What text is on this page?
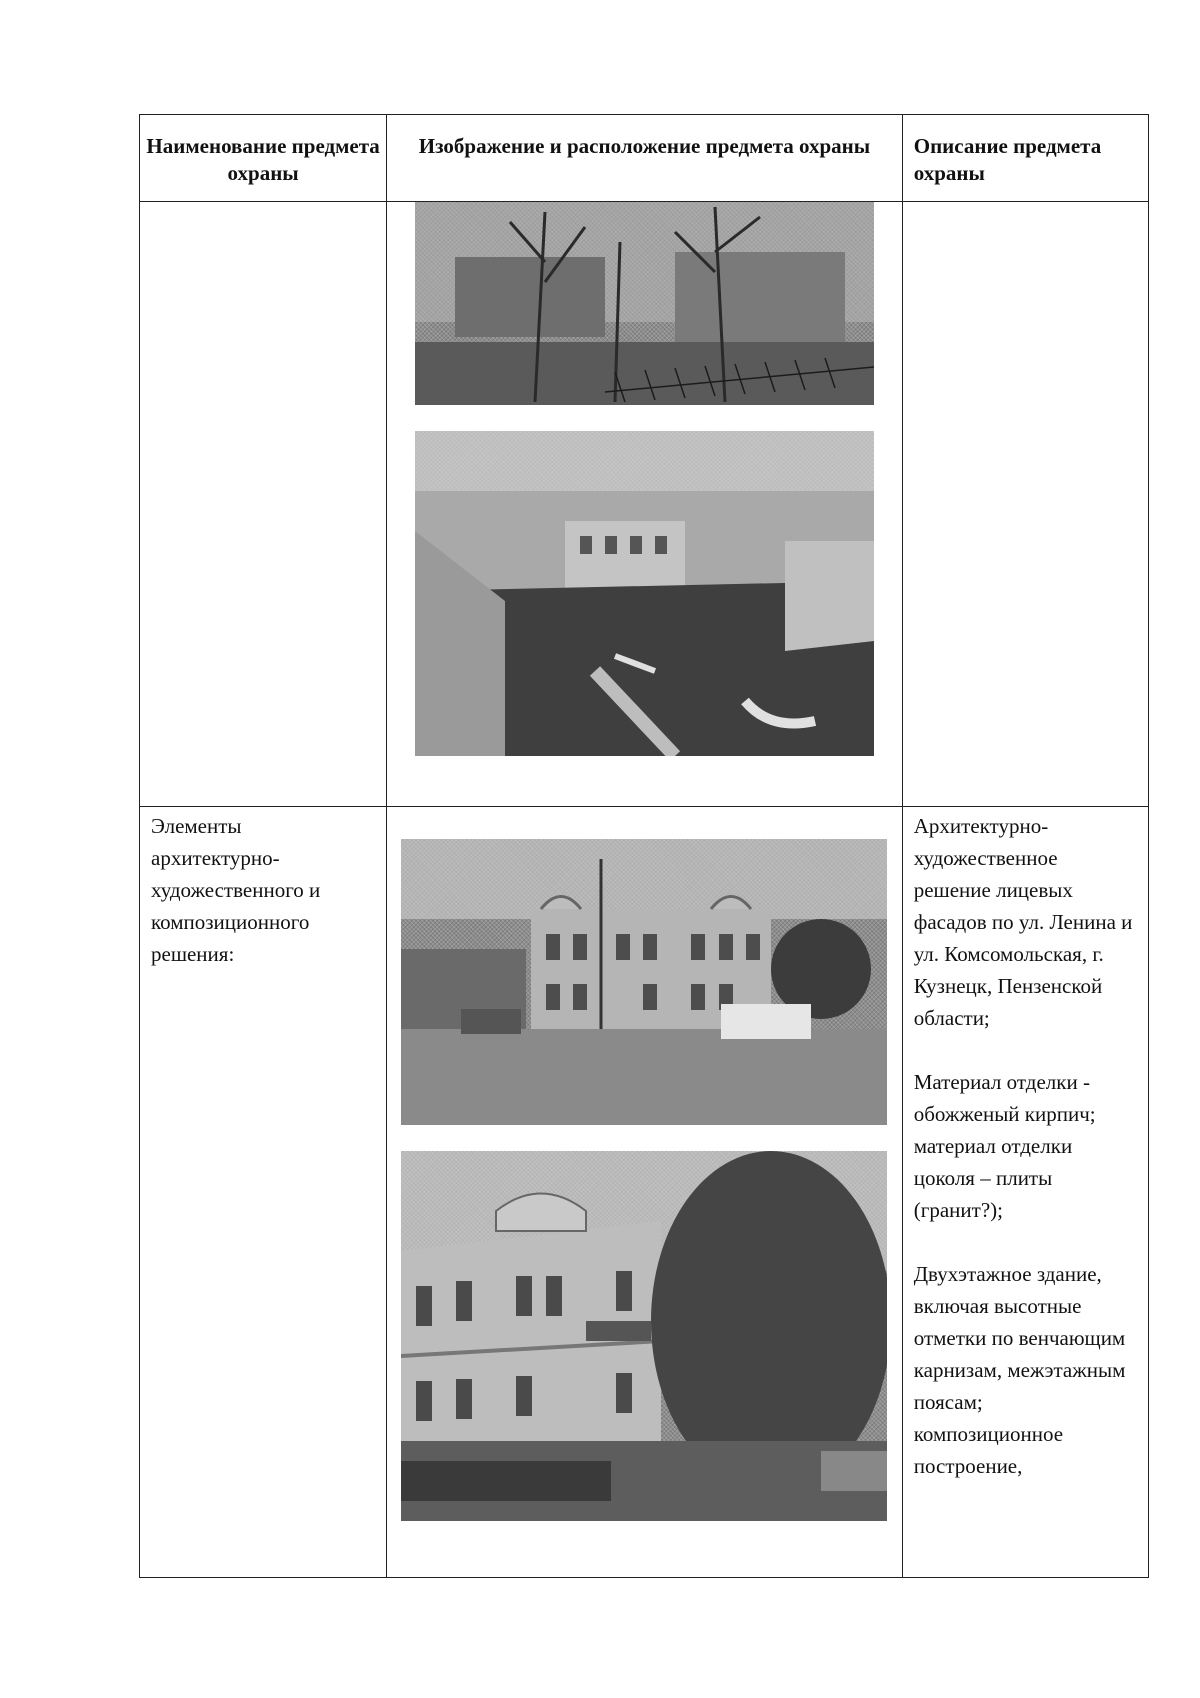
Наименование предмета охраны	Изображение и расположение предмета охраны	Описание предмета охраны

Элементы архитектурно-художественного и композиционного решения:		Архитектурно-художественное решение лицевых фасадов по ул. Ленина и ул. Комсомольская, г. Кузнецк, Пензенской области;

Материал отделки - обожженый кирпич; материал отделки цоколя – плиты (гранит?);

Двухэтажное здание, включая высотные отметки по венчающим карнизам, межэтажным поясам; композиционное построение,
